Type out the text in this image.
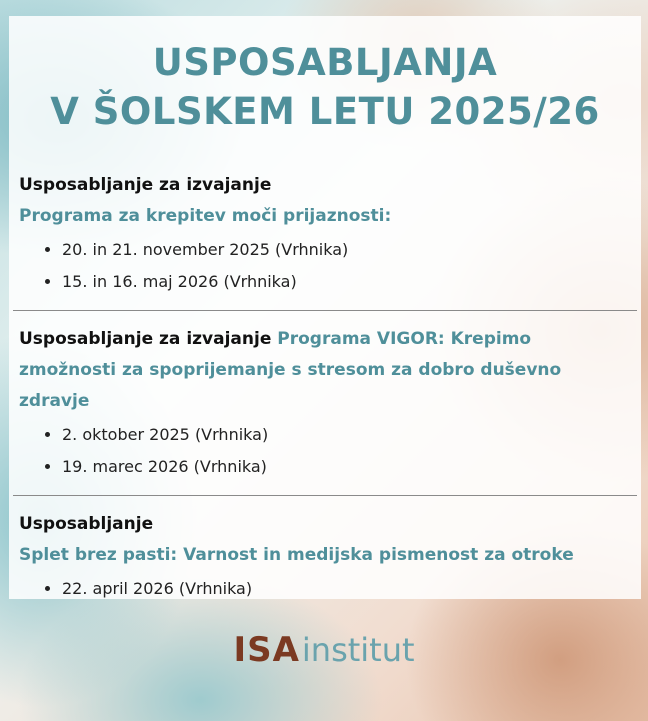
USPOSABLJANJA
V ŠOLSKEM LETU 2025/26
Usposabljanje za izvajanje
Programa za krepitev moči prijaznosti:
• 20. in 21. november 2025 (Vrhnika)
• 15. in 16. maj 2026 (Vrhnika)
Usposabljanje za izvajanje Programa VIGOR: Krepimo zmožnosti za spoprijemanje s stresom za dobro duševno zdravje
• 2. oktober 2025 (Vrhnika)
• 19. marec 2026 (Vrhnika)
Usposabljanje
Splet brez pasti: Varnost in medijska pismenost za otroke
• 22. april 2026 (Vrhnika)
ISAinstitut
